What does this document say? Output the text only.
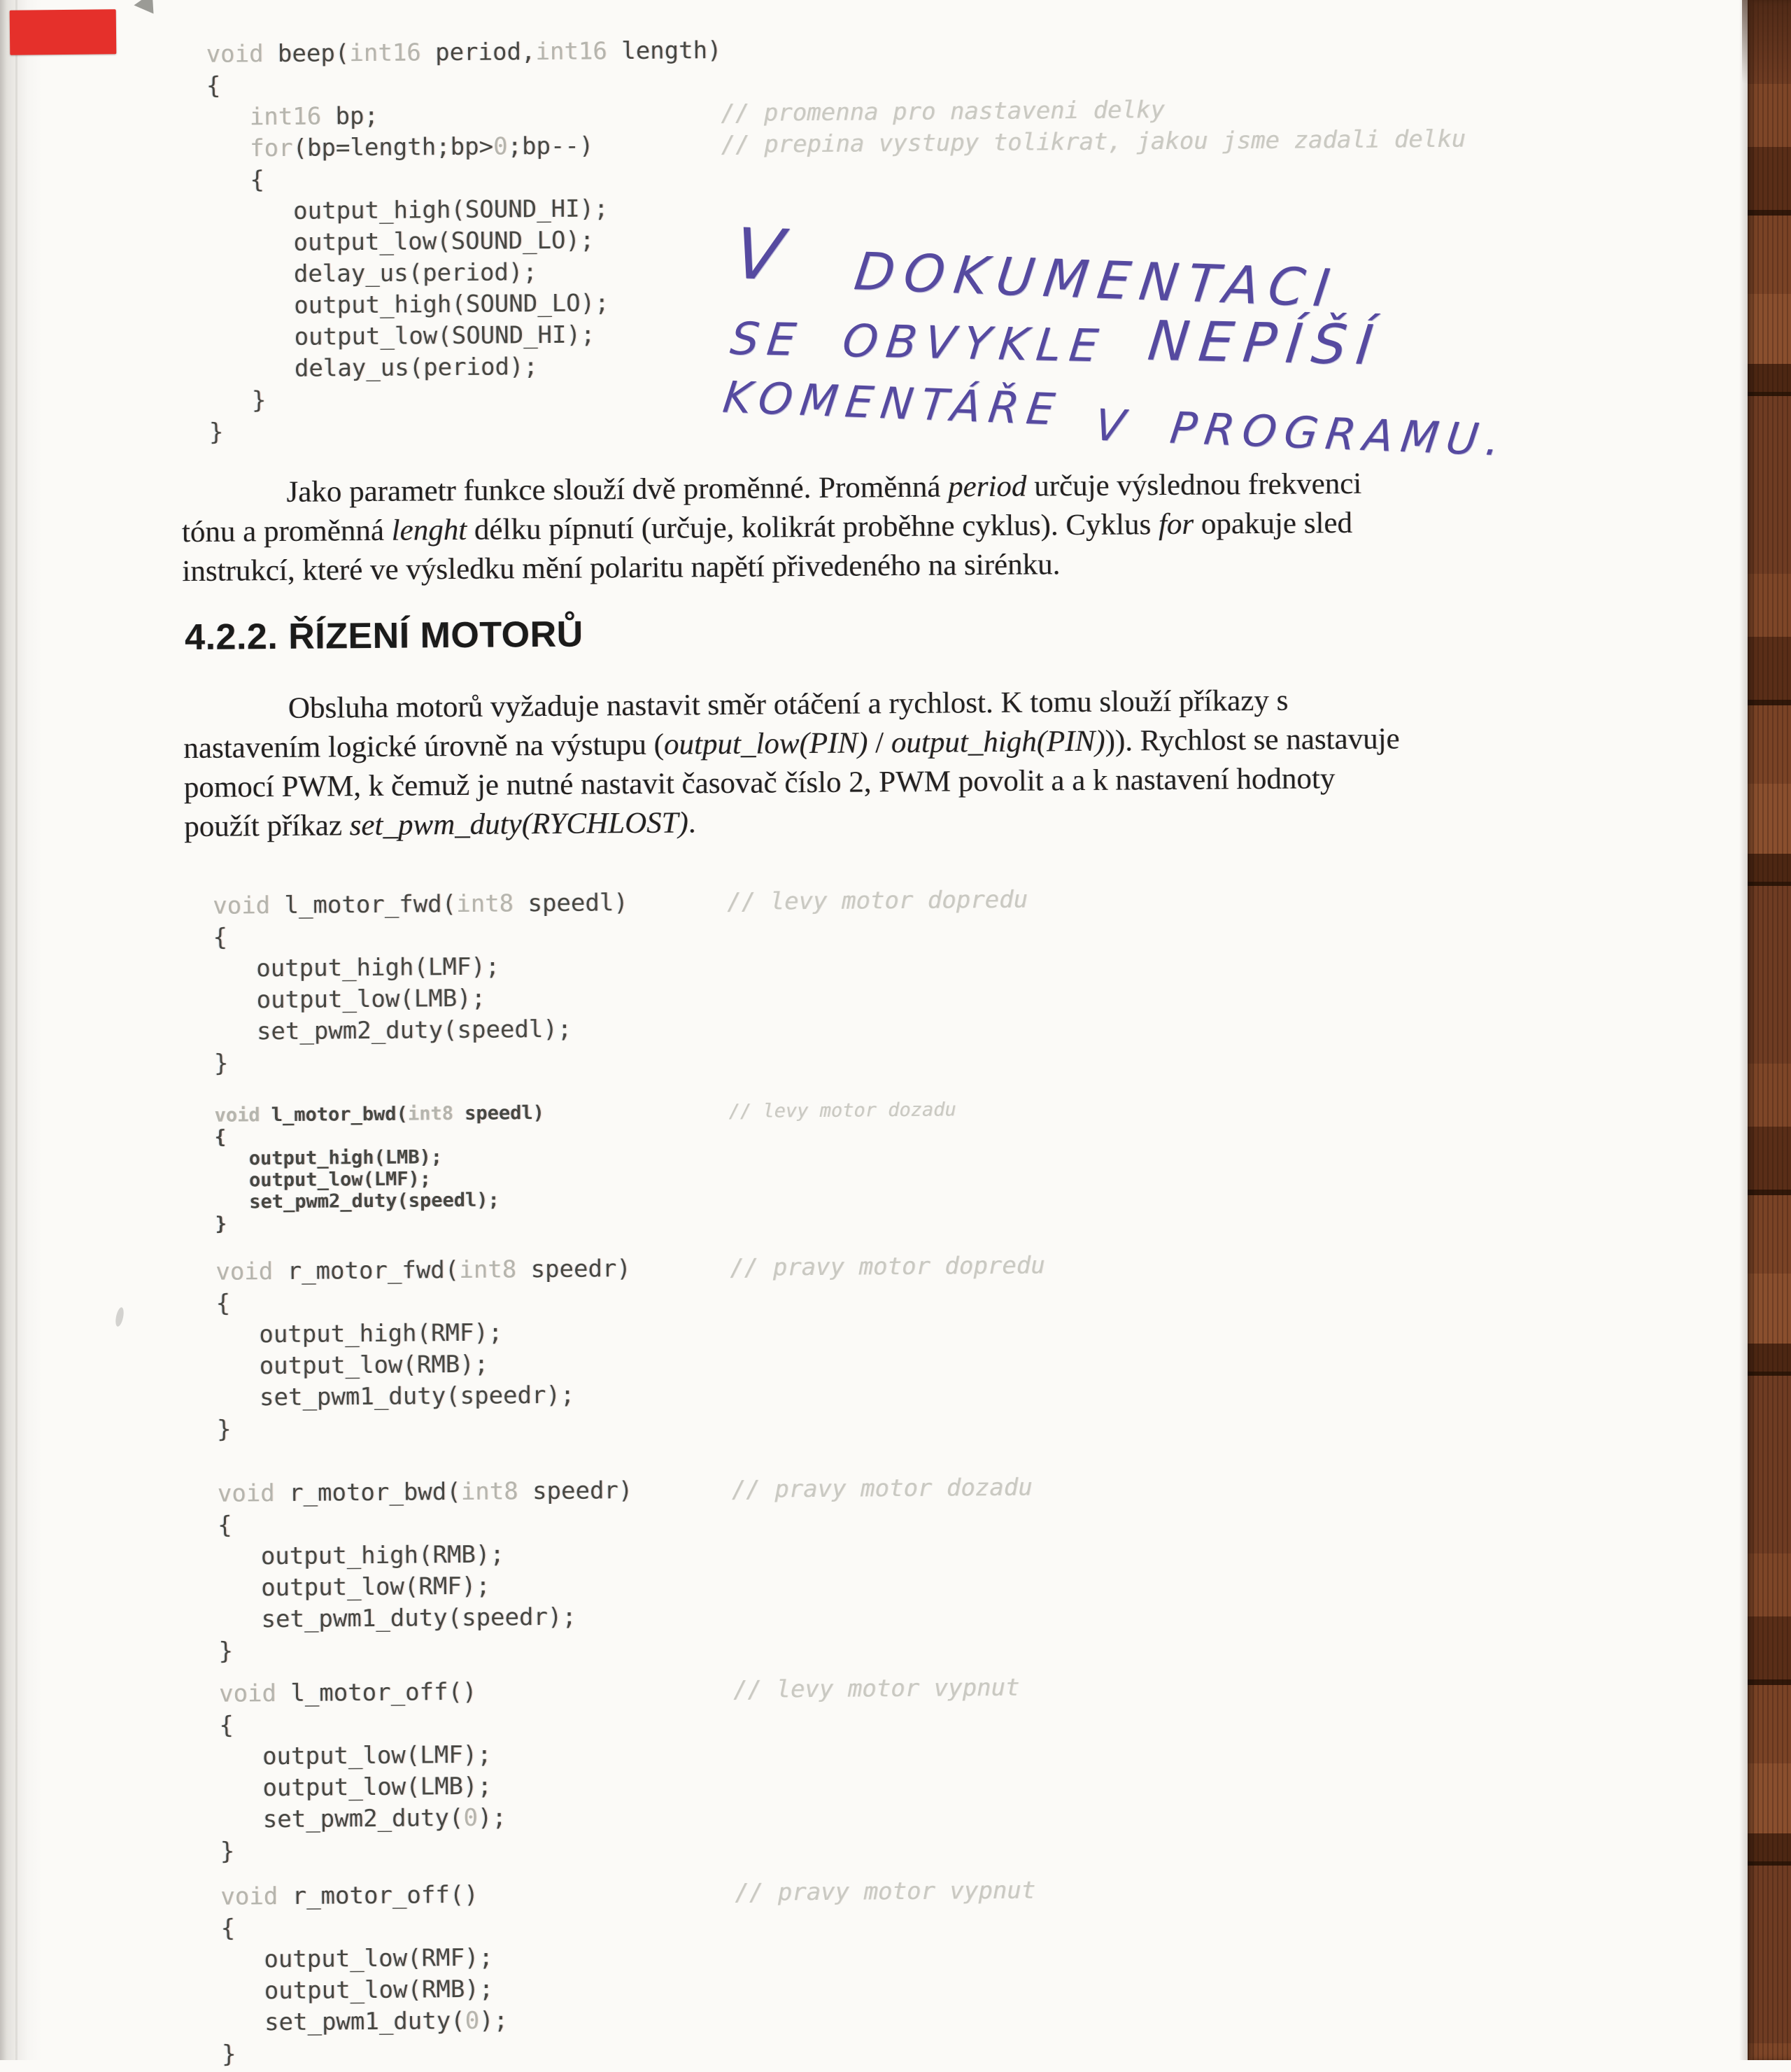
4.2.2. ŘÍZENÍ MOTORŮ
Jako parametr funkce slouží dvě proměnné. Proměnná period určuje výslednou frekvenci
tónu a proměnná lenght délku pípnutí (určuje, kolikrát proběhne cyklus). Cyklus for opakuje sled
instrukcí, které ve výsledku mění polaritu napětí přivedeného na sirénku.
Obsluha motorů vyžaduje nastavit směr otáčení a rychlost. K tomu slouží příkazy s
nastavením logické úrovně na výstupu (output_low(PIN) / output_high(PIN))). Rychlost se nastavuje
pomocí PWM, k čemuž je nutné nastavit časovač číslo 2, PWM povolit a a k nastavení hodnoty
použít příkaz set_pwm_duty(RYCHLOST).
void beep(int16 period,int16 length)
{
int16 bp;	// promenna pro nastaveni delky
for(bp=length;bp>0;bp--)	// prepina vystupy tolikrat, jakou jsme zadali delku
{
output_high(SOUND_HI);
output_low(SOUND_LO);
delay_us(period);
output_high(SOUND_LO);
output_low(SOUND_HI);
delay_us(period);
}
}
void l_motor_fwd(int8 speedl)	// levy motor dopredu
{
output_high(LMF);
output_low(LMB);
set_pwm2_duty(speedl);
}
void l_motor_bwd(int8 speedl)	// levy motor dozadu
{
output_high(LMB);
output_low(LMF);
set_pwm2_duty(speedl);
}
void r_motor_fwd(int8 speedr)	// pravy motor dopredu
{
output_high(RMF);
output_low(RMB);
set_pwm1_duty(speedr);
}
void r_motor_bwd(int8 speedr)	// pravy motor dozadu
{
output_high(RMB);
output_low(RMF);
set_pwm1_duty(speedr);
}
void l_motor_off()	// levy motor vypnut
{
output_low(LMF);
output_low(LMB);
set_pwm2_duty(0);
}
void r_motor_off()	// pravy motor vypnut
{
output_low(RMF);
output_low(RMB);
set_pwm1_duty(0);
}
V DOKUMENTACI
SE OBVYKLE NEPÍŠÍ
KOMENTÁŘE V PROGRAMU.
